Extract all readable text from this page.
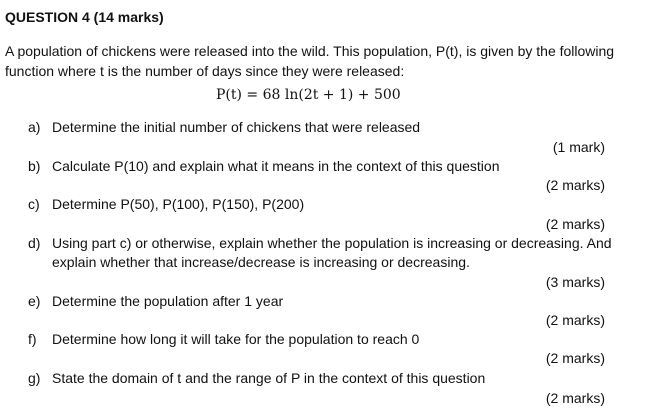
QUESTION 4 (14 marks)
A population of chickens were released into the wild. This population, P(t), is given by the following
function where t is the number of days since they were released:
P(t) = 68 ln(2t + 1) + 500
a) Determine the initial number of chickens that were released
(1 mark)
b) Calculate P(10) and explain what it means in the context of this question
(2 marks)
c) Determine P(50), P(100), P(150), P(200)
(2 marks)
d) Using part c) or otherwise, explain whether the population is increasing or decreasing. And
explain whether that increase/decrease is increasing or decreasing.
(3 marks)
e) Determine the population after 1 year
(2 marks)
f) Determine how long it will take for the population to reach 0
(2 marks)
g) State the domain of t and the range of P in the context of this question
(2 marks)
